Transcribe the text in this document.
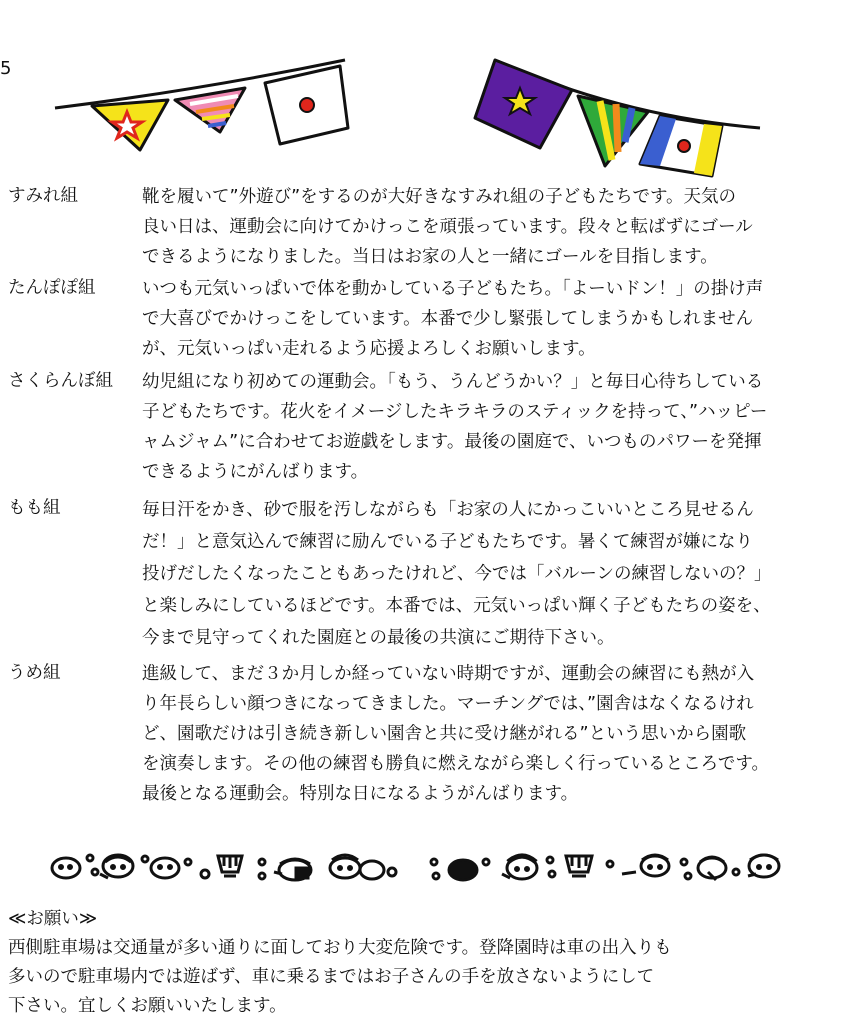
5
すみれ組	靴を履いて”外遊び”をするのが大好きなすみれ組の子どもたちです。天気の
良い日は、運動会に向けてかけっこを頑張っています。段々と転ばずにゴール
できるようになりました。当日はお家の人と一緒にゴールを目指します。
たんぽぽ組	いつも元気いっぱいで体を動かしている子どもたち。「よーいドン！」の掛け声
で大喜びでかけっこをしています。本番で少し緊張してしまうかもしれません
が、元気いっぱい走れるよう応援よろしくお願いします。
さくらんぼ組 幼児組になり初めての運動会。「もう、うんどうかい？」と毎日心待ちしている
子どもたちです。花火をイメージしたキラキラのスティックを持って、”ハッピー
ャムジャム”に合わせてお遊戯をします。最後の園庭で、いつものパワーを発揮
できるようにがんばります。
もも組	毎日汗をかき、砂で服を汚しながらも「お家の人にかっこいいところ見せるん
だ！」と意気込んで練習に励んでいる子どもたちです。暑くて練習が嫌になり
投げだしたくなったこともあったけれど、今では「バルーンの練習しないの？」
と楽しみにしているほどです。本番では、元気いっぱい輝く子どもたちの姿を、
今まで見守ってくれた園庭との最後の共演にご期待下さい。
うめ組	進級して、まだ３か月しか経っていない時期ですが、運動会の練習にも熱が入
り年長らしい顔つきになってきました。マーチングでは、”園舎はなくなるけれ
ど、園歌だけは引き続き新しい園舎と共に受け継がれる”という思いから園歌
を演奏します。その他の練習も勝負に燃えながら楽しく行っているところです。
最後となる運動会。特別な日になるようがんばります。
≪お願い≫
西側駐車場は交通量が多い通りに面しており大変危険です。登降園時は車の出入りも
多いので駐車場内では遊ばず、車に乗るまではお子さんの手を放さないようにして
下さい。宜しくお願いいたします。
